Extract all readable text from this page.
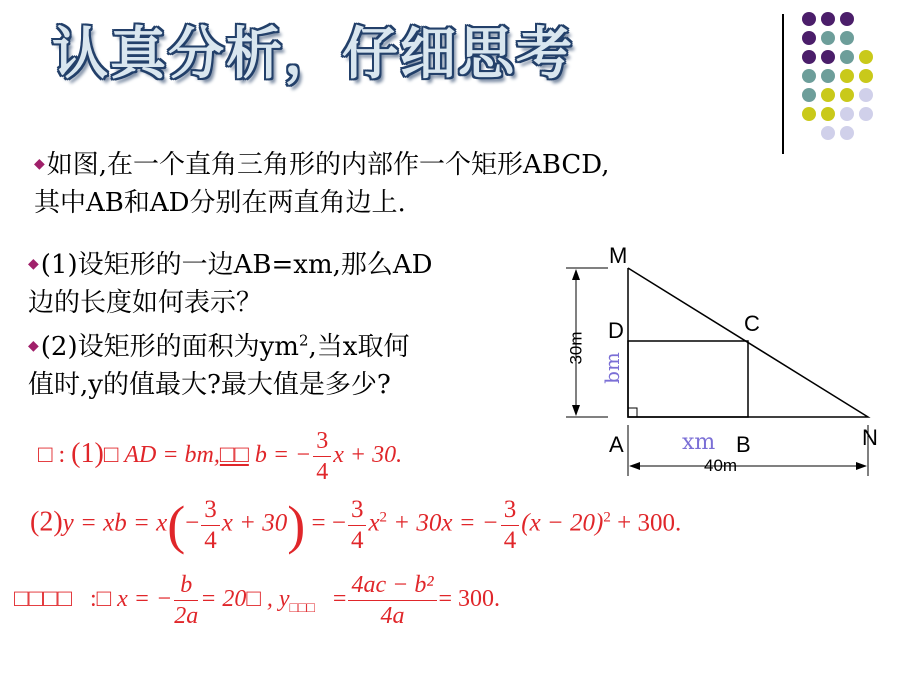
认真分析，仔细思考
◆如图,在一个直角三角形的内部作一个矩形ABCD,
其中AB和AD分别在两直角边上.
◆(1)设矩形的一边AB=xm,那么AD
边的长度如何表示？
◆(2)设矩形的面积为$ym^2$,当x取何
值时,y的值最大?最大值是多少?
M
D	C
A	B	N
30m
bm
xm
40m
□ : (1)□ AD = bm,□□ b = − $\frac{3}{4}$ x + 30.
(2)y = xb = $x(- \frac{3}{4}$ x + 30) = − $\frac{3}{4} x^2 + 30x$ = − $\frac{3}{4} (x - 20)^2 + 300$.
□□□□ :□ x = − $\frac{b}{2a}$ = 20□ , $y_{□□□} = \frac{\text{4ac − b²}}{4a} = 300$.
